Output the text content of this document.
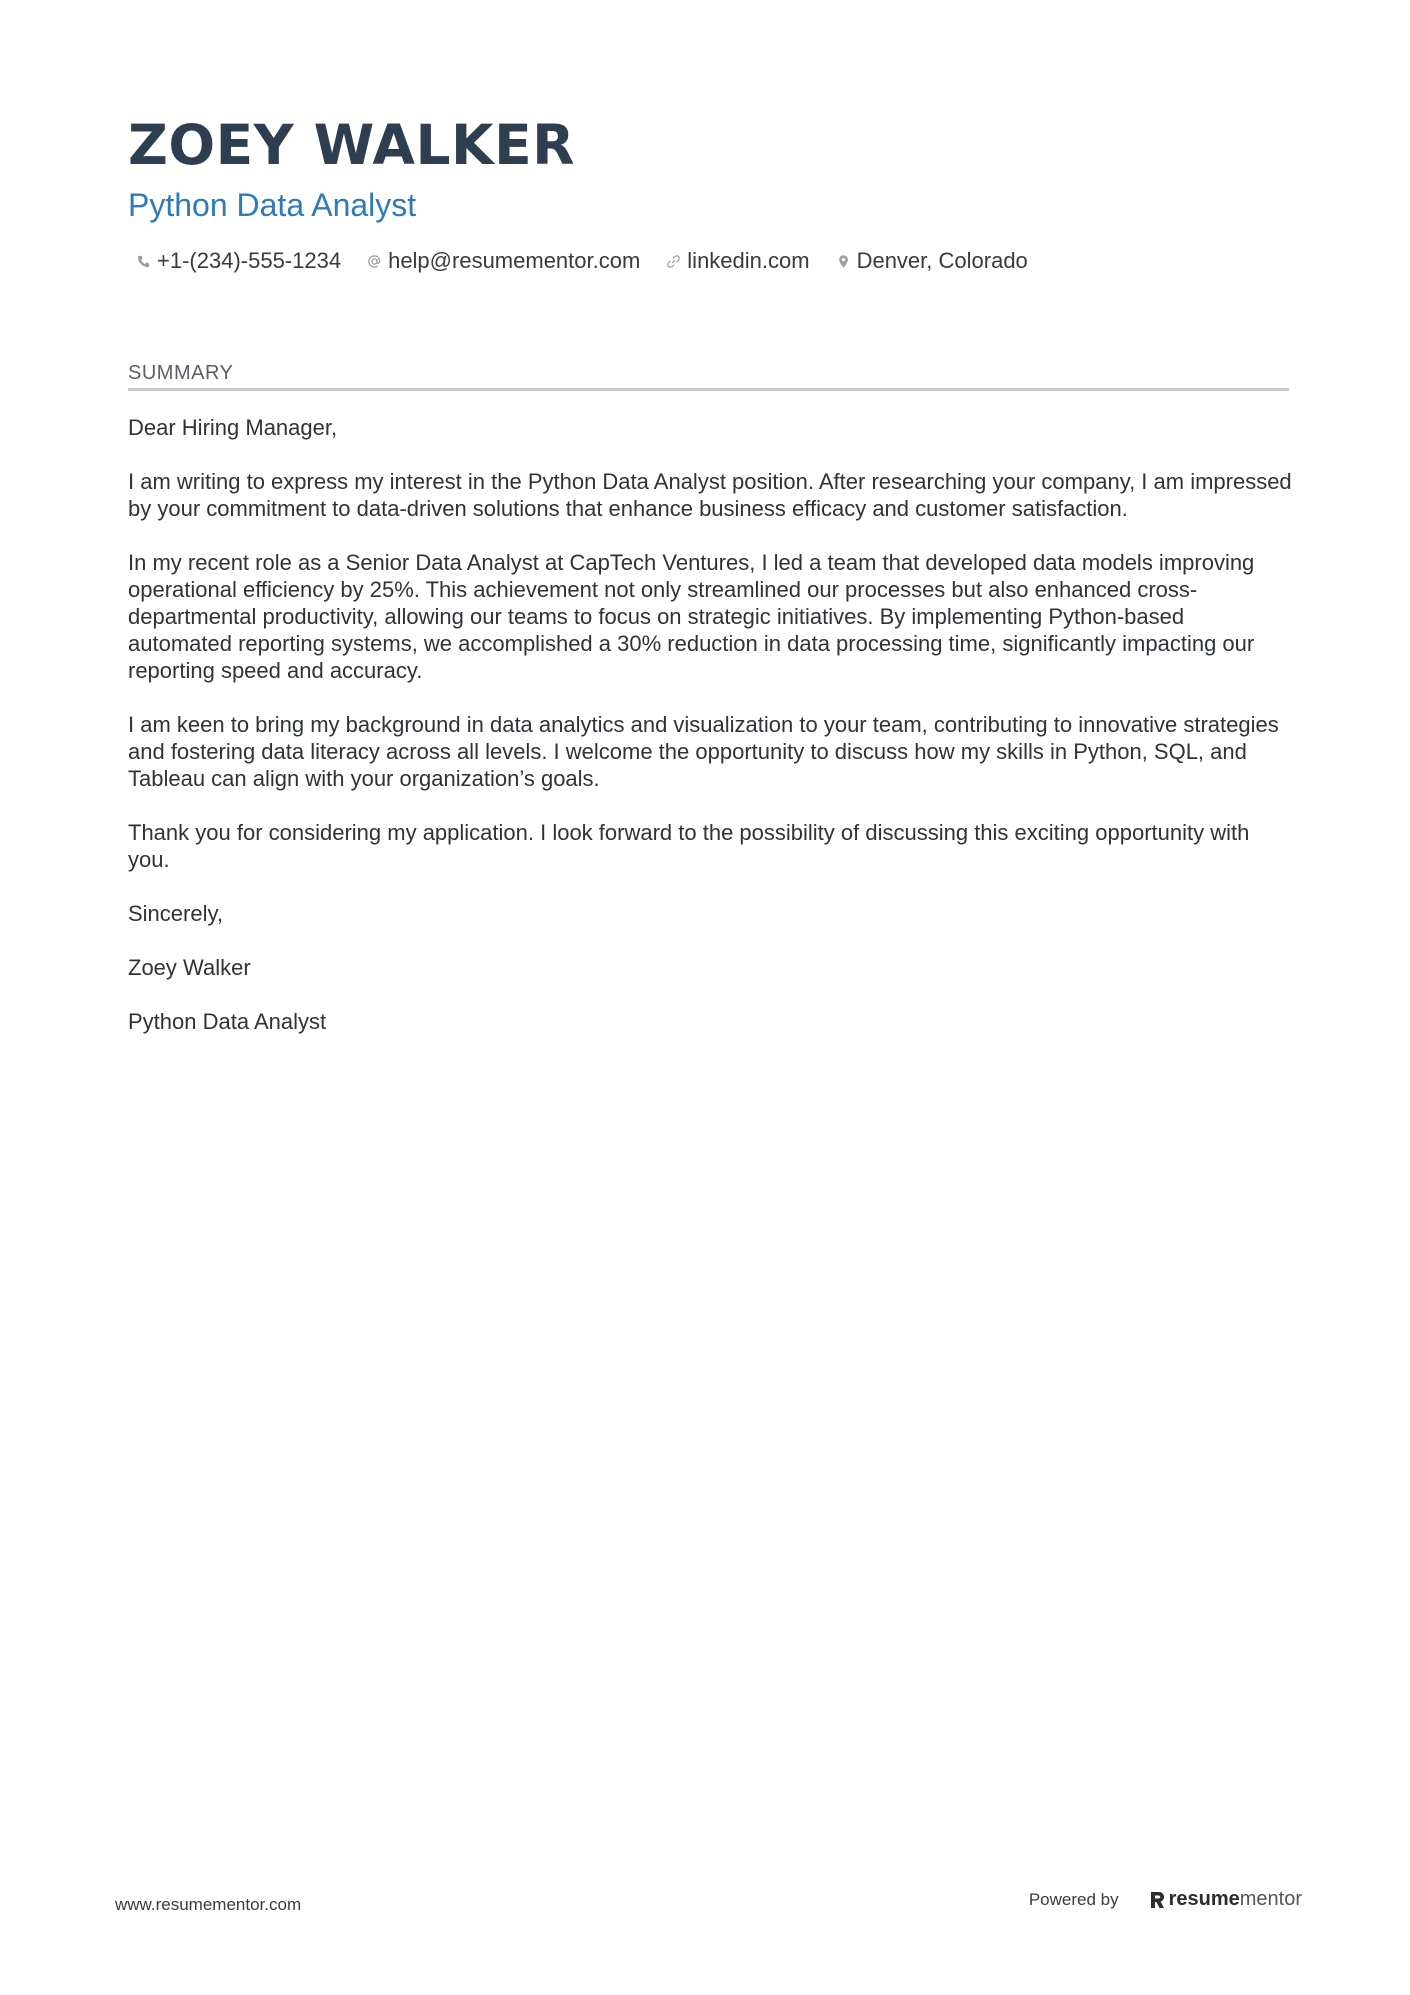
ZOEY WALKER
Python Data Analyst
+1-(234)-555-1234 help@resumementor.com linkedin.com Denver, Colorado
SUMMARY

Dear Hiring Manager,

I am writing to express my interest in the Python Data Analyst position. After researching your company, I am impressed by your commitment to data-driven solutions that enhance business efficacy and customer satisfaction.

In my recent role as a Senior Data Analyst at CapTech Ventures, I led a team that developed data models improving operational efficiency by 25%. This achievement not only streamlined our processes but also enhanced cross-departmental productivity, allowing our teams to focus on strategic initiatives. By implementing Python-based automated reporting systems, we accomplished a 30% reduction in data processing time, significantly impacting our reporting speed and accuracy.

I am keen to bring my background in data analytics and visualization to your team, contributing to innovative strategies and fostering data literacy across all levels. I welcome the opportunity to discuss how my skills in Python, SQL, and Tableau can align with your organization’s goals.

Thank you for considering my application. I look forward to the possibility of discussing this exciting opportunity with you.

Sincerely,

Zoey Walker

Python Data Analyst

www.resumementor.com	Powered by	resume mentor
